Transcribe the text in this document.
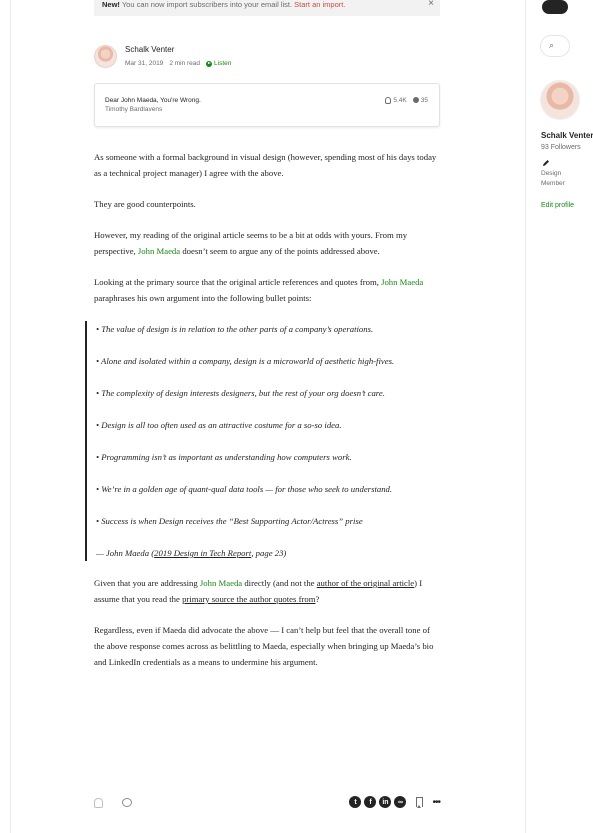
New! You can now import subscribers into your email list. Start an import.	×
Schalk Venter
Mar 31, 2019 2 min read Listen
Dear John Maeda, You're Wrong.
Timothy Bardlavens
5.4K	35

As someone with a formal background in visual design (however, spending most of his days today as a technical project manager) I agree with the above.

They are good counterpoints.

However, my reading of the original article seems to be a bit at odds with yours. From my perspective, John Maeda doesn’t seem to argue any of the points addressed above.

Looking at the primary source that the original article references and quotes from, John Maeda paraphrases his own argument into the following bullet points:

• The value of design is in relation to the other parts of a company’s operations.

• Alone and isolated within a company, design is a microworld of aesthetic high-fives.

• The complexity of design interests designers, but the rest of your org doesn’t care.

• Design is all too often used as an attractive costume for a so-so idea.

• Programming isn’t as important as understanding how computers work.

• We’re in a golden age of quant-qual data tools — for those who seek to understand.

• Success is when Design receives the “Best Supporting Actor/Actress” prise

— John Maeda (2019 Design in Tech Report, page 23)

Given that you are addressing John Maeda directly (and not the author of the original article) I assume that you read the primary source the author quotes from?

Regardless, even if Maeda did advocate the above — I can’t help but feel that the overall tone of the above response comes across as belittling to Maeda, especially when bringing up Maeda’s bio and LinkedIn credentials as a means to undermine his argument.

t	f	in	∞	•••
⌕
Schalk Venter
93 Followers
Design
Member
Edit profile
